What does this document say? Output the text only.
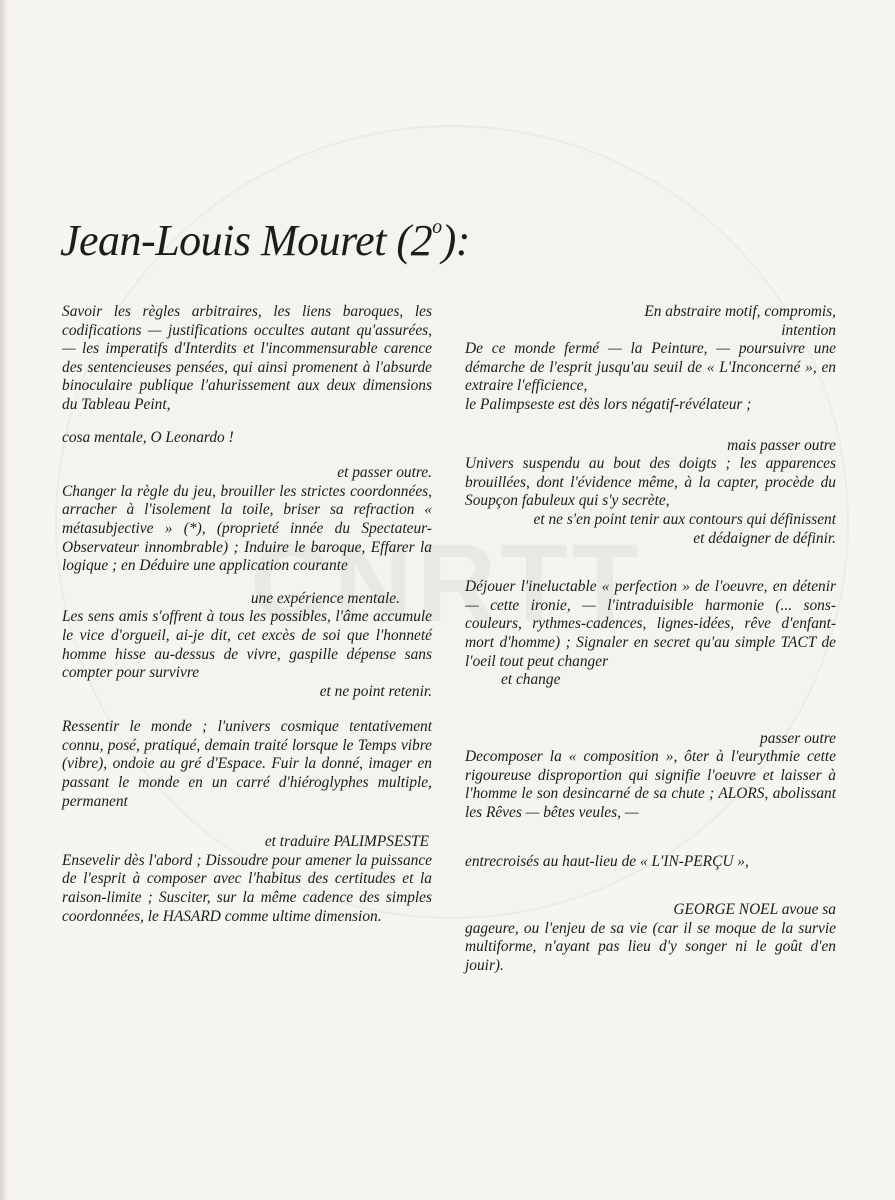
Jean-Louis Mouret (2$^o$):

Savoir les règles arbitraires, les liens baroques, les codifications — justifications occultes autant qu'assurées, — les imperatifs d'Interdits et l'incommensurable carence des sentencieuses pensées, qui ainsi promenent à l'absurde binoculaire publique l'ahurissement aux deux dimensions du Tableau Peint,

cosa mentale, O Leonardo !

et passer outre.

Changer la règle du jeu, brouiller les strictes coordonnées, arracher à l'isolement la toile, briser sa refraction « métasubjective » (*), (proprieté innée du Spectateur-Observateur innombrable) ; Induire le baroque, Effarer la logique ; en Déduire une application courante

une expérience mentale.

Les sens amis s'offrent à tous les possibles, l'âme accumule le vice d'orgueil, ai-je dit, cet excès de soi que l'honneté homme hisse au-dessus de vivre, gaspille dépense sans compter pour survivre

et ne point retenir.

Ressentir le monde ; l'univers cosmique tentativement connu, posé, pratiqué, demain traité lorsque le Temps vibre (vibre), ondoie au gré d'Espace. Fuir la donné, imager en passant le monde en un carré d'hiéroglyphes multiple, permanent

et traduire PALIMPSESTE

Ensevelir dès l'abord ; Dissoudre pour amener la puissance de l'esprit à composer avec l'habitus des certitudes et la raison-limite ; Susciter, sur la même cadence des simples coordonnées, le HASARD comme ultime dimension.

En abstraire motif, compromis,

intention

De ce monde fermé — la Peinture, — poursuivre une démarche de l'esprit jusqu'au seuil de « L'Inconcerné », en extraire l'efficience,

le Palimpseste est dès lors négatif-révélateur ;

mais passer outre

Univers suspendu au bout des doigts ; les apparences brouillées, dont l'évidence même, à la capter, procède du Soupçon fabuleux qui s'y secrète,

et ne s'en point tenir aux contours qui définissent

et dédaigner de définir.

Déjouer l'ineluctable « perfection » de l'oeuvre, en détenir — cette ironie, — l'intraduisible harmonie (... sons-couleurs, rythmes-cadences, lignes-idées, rêve d'enfant-mort d'homme) ; Signaler en secret qu'au simple TACT de l'oeil tout peut changer

et change

passer outre

Decomposer la « composition », ôter à l'eurythmie cette rigoureuse disproportion qui signifie l'oeuvre et laisser à l'homme le son desincarné de sa chute ; ALORS, abolissant les Rêves — bêtes veules, —

entrecroisés au haut-lieu de « L'IN-PERÇU »,

GEORGE NOEL avoue sa

gageure, ou l'enjeu de sa vie (car il se moque de la survie multiforme, n'ayant pas lieu d'y songer ni le goût d'en jouir).
